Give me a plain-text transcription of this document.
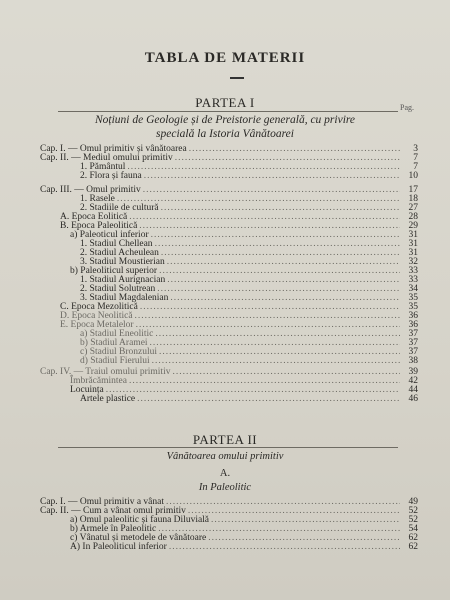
TABLA DE MATERII
PARTEA I	Pag.
Noțiuni de Geologie și de Preistorie generală, cu privire
specială la Istoria Vânătoarei
Cap. I. — Omul primitiv și vânătoarea .....	3
Cap. II. — Mediul omului primitiv .....	7
1. Pământul .....	7
2. Flora și fauna .....	10
Cap. III. — Omul primitiv .....	17
1. Rasele .....	18
2. Stadiile de cultură .....	27
A. Epoca Eolitică .....	28
B. Epoca Paleolitică .....	29
a) Paleoticul inferior .....	31
1. Stadiul Chellean .....	31
2. Stadiul Acheulean .....	31
3. Stadiul Moustierian .....	32
b) Paleoliticul superior .....	33
1. Stadiul Aurignacian .....	33
2. Stadiul Solutrean .....	34
3. Stadiul Magdalenian .....	35
C. Epoca Mezolitică .....	35
D. Epoca Neolitică .....	36
E. Epoca Metalelor .....	36
a) Stadiul Eneolitic .....	37
b) Stadiul Aramei .....	37
c) Stadiul Bronzului .....	37
d) Stadiul Fierului .....	38
Cap. IV. — Traiul omului primitiv .....	39
Îmbrăcămintea .....	42
Locuința .....	44
Artele plastice .....	46
PARTEA II
Vânătoarea omului primitiv
A.
In Paleolitic
Cap. I. — Omul primitiv a vânat .....	49
Cap. II. — Cum a vânat omul primitiv .....	52
a) Omul paleolitic și fauna Diluvială .....	52
b) Armele în Paleolitic .....	54
c) Vânatul și metodele de vânătoare .....	62
A) In Paleoliticul inferior .....	62
